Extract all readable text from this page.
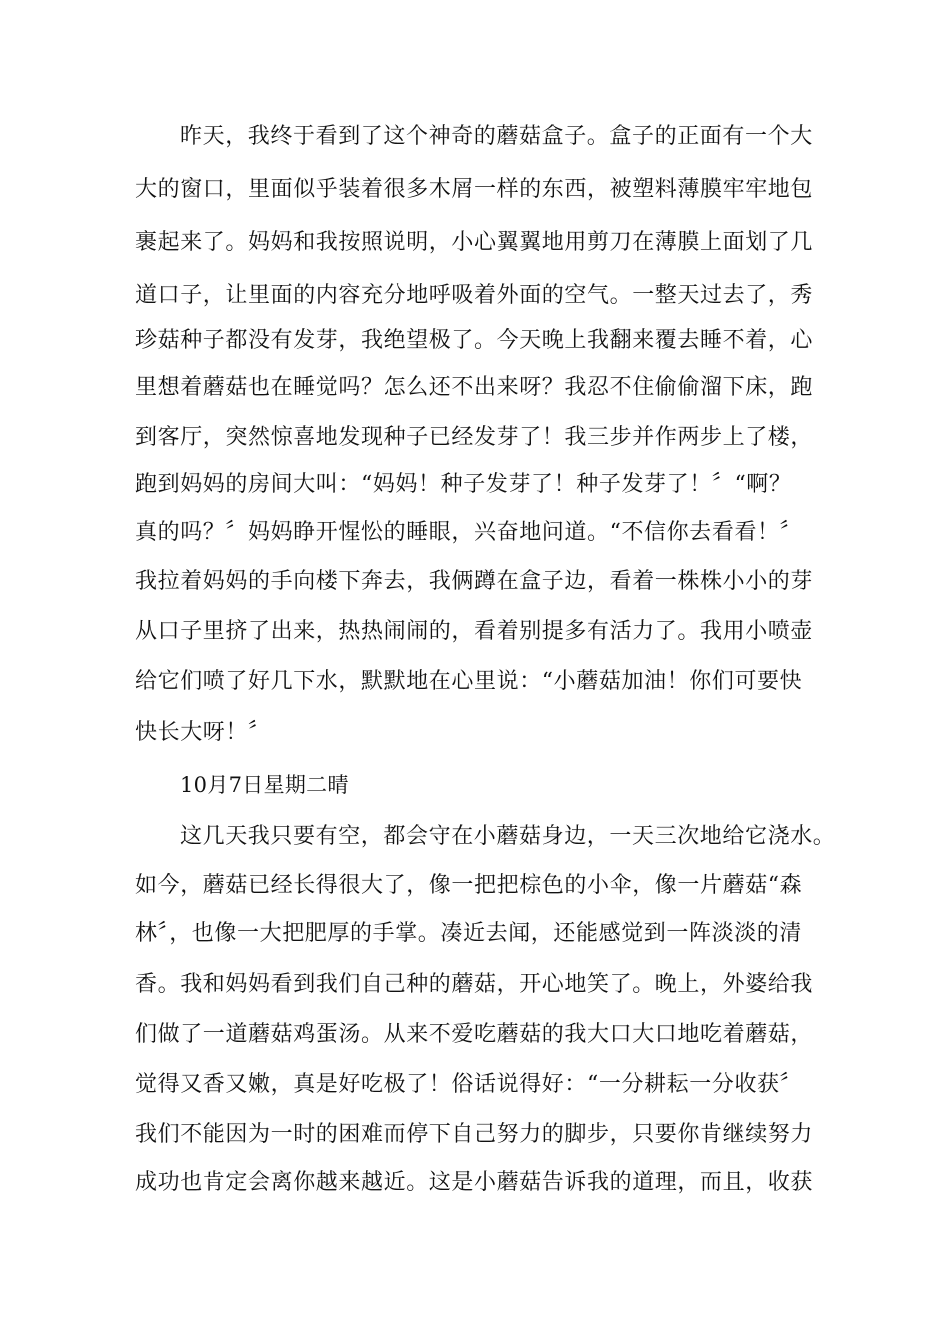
昨天，我终于看到了这个神奇的蘑菇盒子。盒子的正面有一个大
大的窗口，里面似乎装着很多木屑一样的东西，被塑料薄膜牢牢地包
裹起来了。妈妈和我按照说明，小心翼翼地用剪刀在薄膜上面划了几
道口子，让里面的内容充分地呼吸着外面的空气。一整天过去了，秀
珍菇种子都没有发芽，我绝望极了。今天晚上我翻来覆去睡不着，心
里想着蘑菇也在睡觉吗？怎么还不出来呀？我忍不住偷偷溜下床，跑
到客厅，突然惊喜地发现种子已经发芽了！我三步并作两步上了楼，
跑到妈妈的房间大叫：“妈妈！种子发芽了！种子发芽了！〞“啊？
真的吗？〞妈妈睁开惺忪的睡眼，兴奋地问道。“不信你去看看！〞
我拉着妈妈的手向楼下奔去，我俩蹲在盒子边，看着一株株小小的芽
从口子里挤了出来，热热闹闹的，看着别提多有活力了。我用小喷壶
给它们喷了好几下水，默默地在心里说：“小蘑菇加油！你们可要快
快长大呀！〞
10月7日星期二晴
这几天我只要有空，都会守在小蘑菇身边，一天三次地给它浇水。
如今，蘑菇已经长得很大了，像一把把棕色的小伞，像一片蘑菇“森
林〞，也像一大把肥厚的手掌。凑近去闻，还能感觉到一阵淡淡的清
香。我和妈妈看到我们自己种的蘑菇，开心地笑了。晚上，外婆给我
们做了一道蘑菇鸡蛋汤。从来不爱吃蘑菇的我大口大口地吃着蘑菇，
觉得又香又嫩，真是好吃极了！俗话说得好：“一分耕耘一分收获〞
我们不能因为一时的困难而停下自己努力的脚步，只要你肯继续努力
成功也肯定会离你越来越近。这是小蘑菇告诉我的道理，而且，收获
